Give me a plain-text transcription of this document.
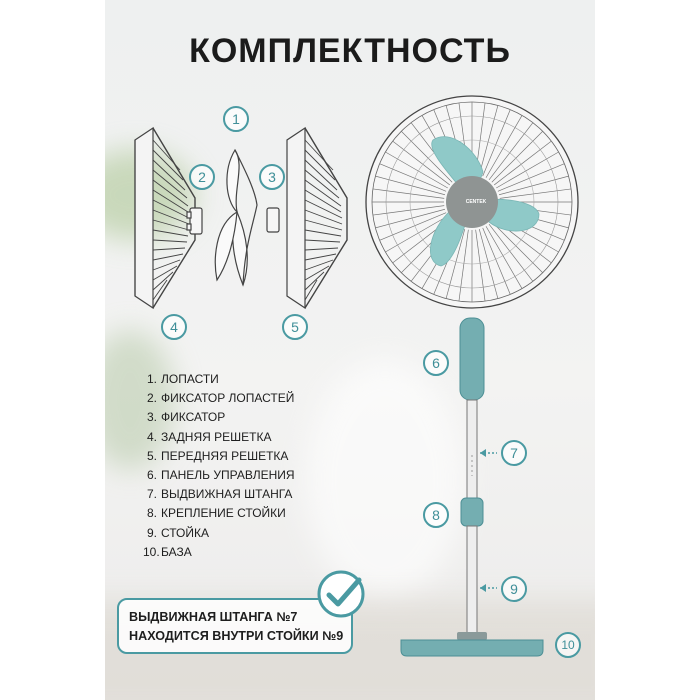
КОМПЛЕКТНОСТЬ
CENTEK
1
2	3
4	5
6
7
8
9
10
1. ЛОПАСТИ
2. ФИКСАТОР ЛОПАСТЕЙ
3. ФИКСАТОР
4. ЗАДНЯЯ РЕШЕТКА
5. ПЕРЕДНЯЯ РЕШЕТКА
6. ПАНЕЛЬ УПРАВЛЕНИЯ
7. ВЫДВИЖНАЯ ШТАНГА
8. КРЕПЛЕНИЕ СТОЙКИ
9. СТОЙКА
10.БАЗА
ВЫДВИЖНАЯ ШТАНГА №7
НАХОДИТСЯ ВНУТРИ СТОЙКИ №9
